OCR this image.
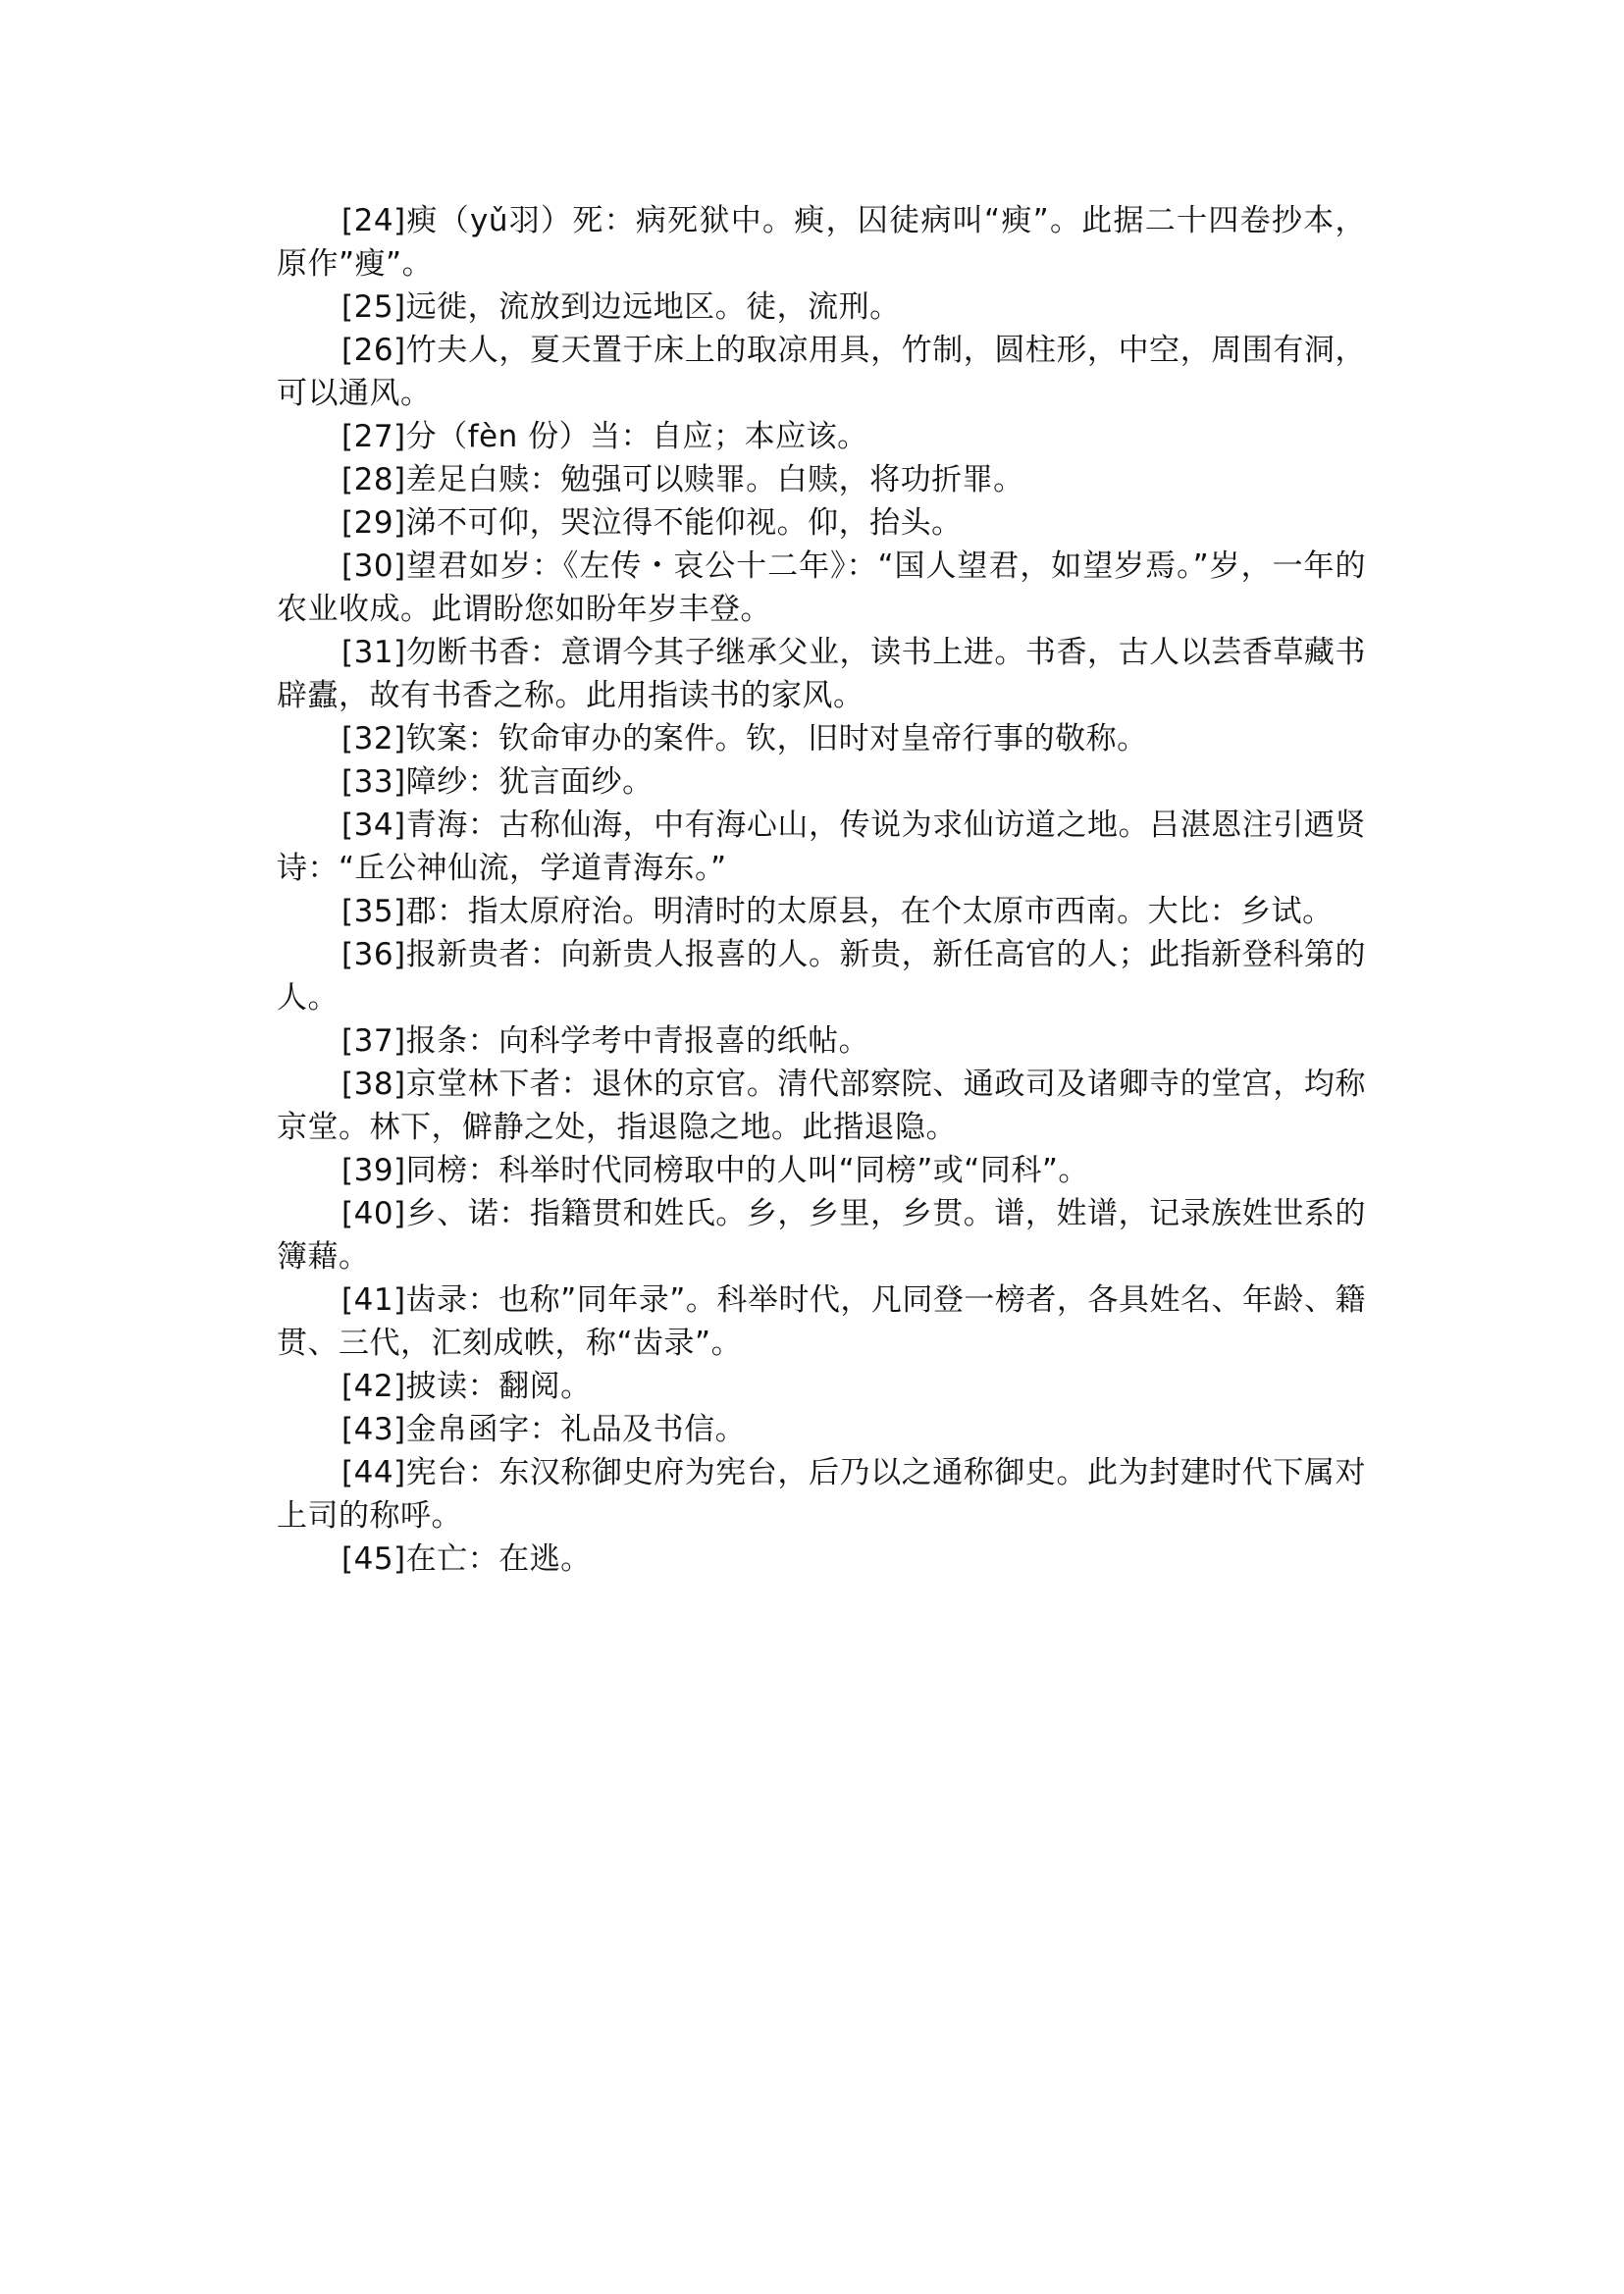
[24]瘐（yǔ羽）死：病死狱中。瘐，囚徒病叫“瘐”。此据二十四卷抄本，原作”瘦”。

[25]远徙，流放到边远地区。徒，流刑。

[26]竹夫人，夏天置于床上的取凉用具，竹制，圆柱形，中空，周围有洞，可以通风。

[27]分（fèn 份）当：自应；本应该。

[28]差足白赎：勉强可以赎罪。白赎，将功折罪。

[29]涕不可仰，哭泣得不能仰视。仰，抬头。

[30]望君如岁：《左传・哀公十二年》：“国人望君，如望岁焉。”岁，一年的农业收成。此谓盼您如盼年岁丰登。

[31]勿断书香：意谓今其子继承父业，读书上进。书香，古人以芸香草藏书辟蠹，故有书香之称。此用指读书的家风。

[32]钦案：钦命审办的案件。钦，旧时对皇帝行事的敬称。

[33]障纱：犹言面纱。

[34]青海：古称仙海，中有海心山，传说为求仙访道之地。吕湛恩注引迺贤诗：“丘公神仙流，学道青海东。”

[35]郡：指太原府治。明清时的太原县，在个太原市西南。大比：乡试。

[36]报新贵者：向新贵人报喜的人。新贵，新任高官的人；此指新登科第的人。

[37]报条：向科学考中青报喜的纸帖。

[38]京堂林下者：退休的京官。清代部察院、通政司及诸卿寺的堂宫，均称京堂。林下，僻静之处，指退隐之地。此揩退隐。

[39]同榜：科举时代同榜取中的人叫“同榜”或“同科”。

[40]乡、诺：指籍贯和姓氏。乡，乡里，乡贯。谱，姓谱，记录族姓世系的簿藉。

[41]齿录：也称”同年录”。科举时代，凡同登一榜者，各具姓名、年龄、籍贯、三代，汇刻成帙，称“齿录”。

[42]披读：翻阅。

[43]金帛函字：礼品及书信。

[44]宪台：东汉称御史府为宪台，后乃以之通称御史。此为封建时代下属对上司的称呼。

[45]在亡：在逃。
